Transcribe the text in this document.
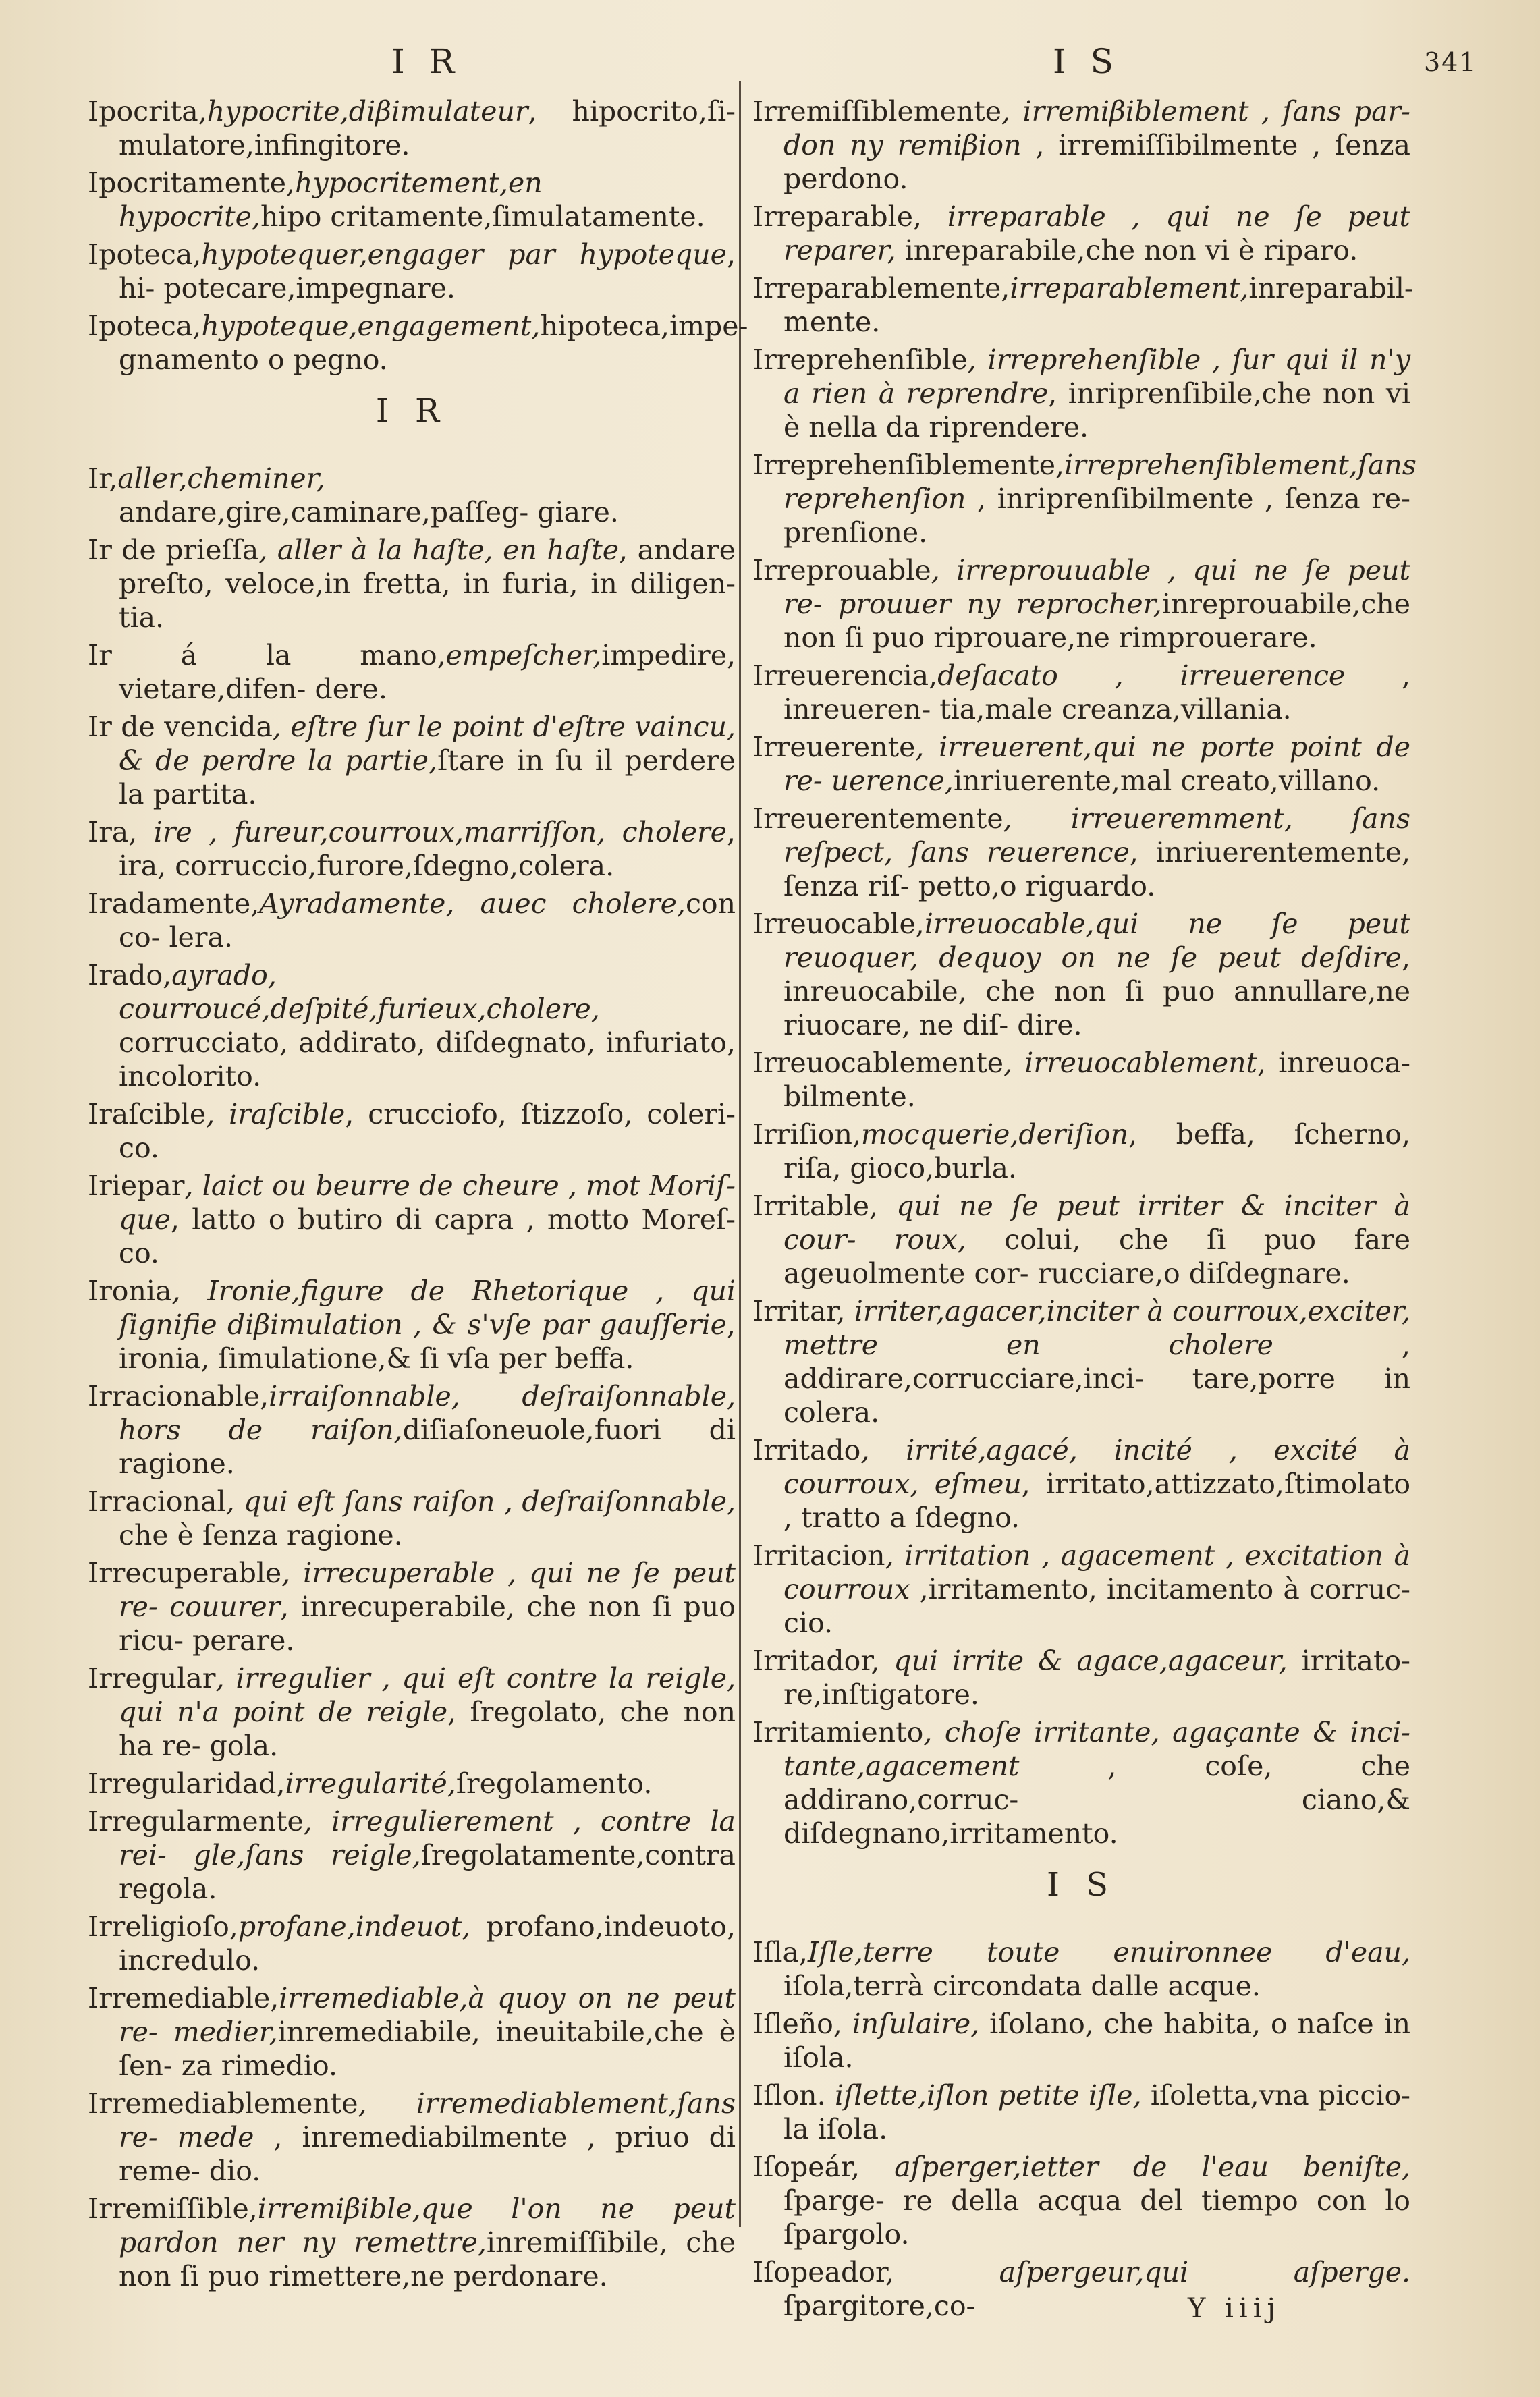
I R	I S	341

Ipocrita,hypocrite,diβimulateur, hipocrito,ſi- mulatore,infingitore.

Ipocritamente,hypocritement,en hypocrite,hipo critamente,ſimulatamente.

Ipoteca,hypotequer,engager par hypoteque, hi- potecare,impegnare.

Ipoteca,hypoteque,engagement,hipoteca,impe- gnamento o pegno.

I R

Ir,aller,cheminer, andare,gire,caminare,paſſeg- giare.

Ir de prieſſa, aller à la haſte, en haſte, andare preſto, veloce,in fretta, in furia, in diligen- tia.

Ir á la mano,empeſcher,impedire, vietare,difen- dere.

Ir de vencida, eſtre ſur le point d'eſtre vaincu, & de perdre la partie,ſtare in ſu il perdere la partita.

Ira, ire , fureur,courroux,marriſſon, cholere, ira, corruccio,furore,ſdegno,colera.

Iradamente,Ayradamente, auec cholere,con co- lera.

Irado,ayrado, courroucé,deſpité,furieux,cholere, corrucciato, addirato, diſdegnato, infuriato, incolorito.

Iraſcible, iraſcible, crucciofo, ſtizzoſo, coleri- co.

Iriepar, laict ou beurre de cheure , mot Moriſ- que, latto o butiro di capra , motto Moreſ- co.

Ironia, Ironie,figure de Rhetorique , qui ſignifie diβimulation , & s'vſe par gauſſerie, ironia, ſimulatione,& ſi vſa per beffa.

Irracionable,irraiſonnable, deſraiſonnable, hors de raiſon,diſiaſoneuole,fuori di ragione.

Irracional, qui eſt ſans raiſon , deſraiſonnable, che è ſenza ragione.

Irrecuperable, irrecuperable , qui ne ſe peut re- couurer, inrecuperabile, che non ſi puo ricu- perare.

Irregular, irregulier , qui eſt contre la reigle, qui n'a point de reigle, ſregolato, che non ha re- gola.

Irregularidad,irregularité,ſregolamento.

Irregularmente, irregulierement , contre la rei- gle,ſans reigle,ſregolatamente,contra regola.

Irreligioſo,profane,indeuot, profano,indeuoto, incredulo.

Irremediable,irremediable,à quoy on ne peut re- medier,inremediabile, ineuitabile,che è ſen- za rimedio.

Irremediablemente, irremediablement,ſans re- mede , inremediabilmente , priuo di reme- dio.

Irremiſſible,irremiβible,que l'on ne peut pardon ner ny remettre,inremiſſibile, che non ſi puo rimettere,ne perdonare.

Irremiſſiblemente, irremiβiblement , ſans par- don ny remiβion , irremiſſibilmente , ſenza perdono.

Irreparable, irreparable , qui ne ſe peut reparer, inreparabile,che non vi è riparo.

Irreparablemente,irreparablement,inreparabil- mente.

Irreprehenſible, irreprehenſible , ſur qui il n'y a rien à reprendre, inriprenſibile,che non vi è nella da riprendere.

Irreprehenſiblemente,irreprehenſiblement,ſans reprehenſion , inriprenſibilmente , ſenza re- prenſione.

Irreprouable, irreprouuable , qui ne ſe peut re- prouuer ny reprocher,inreprouabile,che non ſi puo riprouare,ne rimprouerare.

Irreuerencia,deſacato , irreuerence , inreueren- tia,male creanza,villania.

Irreuerente, irreuerent,qui ne porte point de re- uerence,inriuerente,mal creato,villano.

Irreuerentemente, irreueremment, ſans reſpect, ſans reuerence, inriuerentemente, ſenza riſ- petto,o riguardo.

Irreuocable,irreuocable,qui ne ſe peut reuoquer, dequoy on ne ſe peut deſdire, inreuocabile, che non ſi puo annullare,ne riuocare, ne diſ- dire.

Irreuocablemente, irreuocablement, inreuoca- bilmente.

Irriſion,mocquerie,deriſion, beffa, ſcherno, riſa, gioco,burla.

Irritable, qui ne ſe peut irriter & inciter à cour- roux, colui, che ſi puo fare ageuolmente cor- rucciare,o diſdegnare.

Irritar, irriter,agacer,inciter à courroux,exciter, mettre en cholere , addirare,corrucciare,inci- tare,porre in colera.

Irritado, irrité,agacé, incité , excité à courroux, eſmeu, irritato,attizzato,ſtimolato , tratto a ſdegno.

Irritacion, irritation , agacement , excitation à courroux ,irritamento, incitamento à corruc- cio.

Irritador, qui irrite & agace,agaceur, irritato- re,inſtigatore.

Irritamiento, choſe irritante, agaçante & inci- tante,agacement , coſe, che addirano,corruc- ciano,& diſdegnano,irritamento.

I S

Iſla,Iſle,terre toute enuironnee d'eau, iſola,terrà circondata dalle acque.

Iſleño, inſulaire, iſolano, che habita, o naſce in iſola.

Iſlon. iſlette,iſlon petite iſle, iſoletta,vna piccio- la iſola.

Iſopeár, aſperger,ietter de l'eau beniſte, ſparge- re della acqua del tiempo con lo ſpargolo.

Iſopeador, aſpergeur,qui aſperge. ſpargitore,co-	Y iiij
